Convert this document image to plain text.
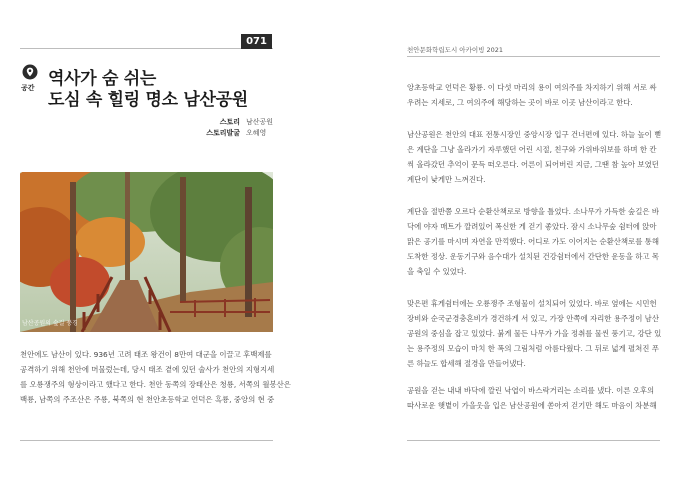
071
공간 역사가 숨 쉬는
도심 속 힐링 명소 남산공원
스토리 남산공원
스토리발굴 오혜영
남산공원의 숲길 풍경
천안에도 남산이 있다. 936년 고려 태조 왕건이 8만여 대군을 이끌고 후백제를
공격하기 위해 천안에 머물렀는데, 당시 태조 곁에 있던 술사가 천안의 지형지세
를 오룡쟁주의 형상이라고 했다고 한다. 천안 동쪽의 장태산은 청룡, 서쪽의 월봉산은
백룡, 남쪽의 주조산은 주룡, 북쪽의 현 천안초등학교 언덕은 흑룡, 중앙의 현 중
천안문화학립도시 아카이빙 2021
앙초등학교 언덕은 황룡. 이 다섯 마리의 용이 여의주를 차지하기 위해 서로 싸
우려는 지세로, 그 여의주에 해당하는 곳이 바로 이곳 남산이라고 한다.
남산공원은 천안의 대표 전통시장인 중앙시장 입구 건너편에 있다. 하늘 높이 뻗
은 계단을 그냥 올라가기 자루했던 어린 시절, 친구와 가위바위보를 하며 한 칸
씩 올라갔던 추억이 문득 떠오른다. 어른이 되어버린 지금, 그땐 참 높아 보였던
계단이 낮게만 느껴진다.
계단을 절반쯤 오르다 순환산책로로 방향을 틀었다. 소나무가 가득한 숲길은 바
닥에 야자 매트가 깔려있어 폭신한 게 걷기 좋았다. 잠시 소나무숲 쉼터에 앉아
맑은 공기를 마시며 자연을 만끽했다. 어디로 가도 이어지는 순환산책로를 통해
도착한 정상. 운동기구와 음수대가 설치된 건강쉼터에서 간단한 운동을 하고 목
을 축일 수 있었다.
맞은편 휴게쉼터에는 오룡쟁주 조형물이 설치되어 있었다. 바로 옆에는 시민헌
장비와 순국군경충혼비가 경건하게 서 있고, 가장 안쪽에 자리한 용주정이 남산
공원의 중심을 잡고 있었다. 붉게 물든 나무가 가을 정취를 물씬 풍기고, 강단 있
는 용주정의 모습이 마치 한 폭의 그림처럼 아름다웠다. 그 뒤로 넓게 펼쳐진 푸
른 하늘도 합세해 절경을 만들어냈다.
공원을 걷는 내내 바닥에 깔린 낙엽이 바스락거리는 소리를 냈다. 이른 오후의
따사로운 햇볕이 가을옷을 입은 남산공원에 쏟아져 걷기만 해도 마음이 차분해
